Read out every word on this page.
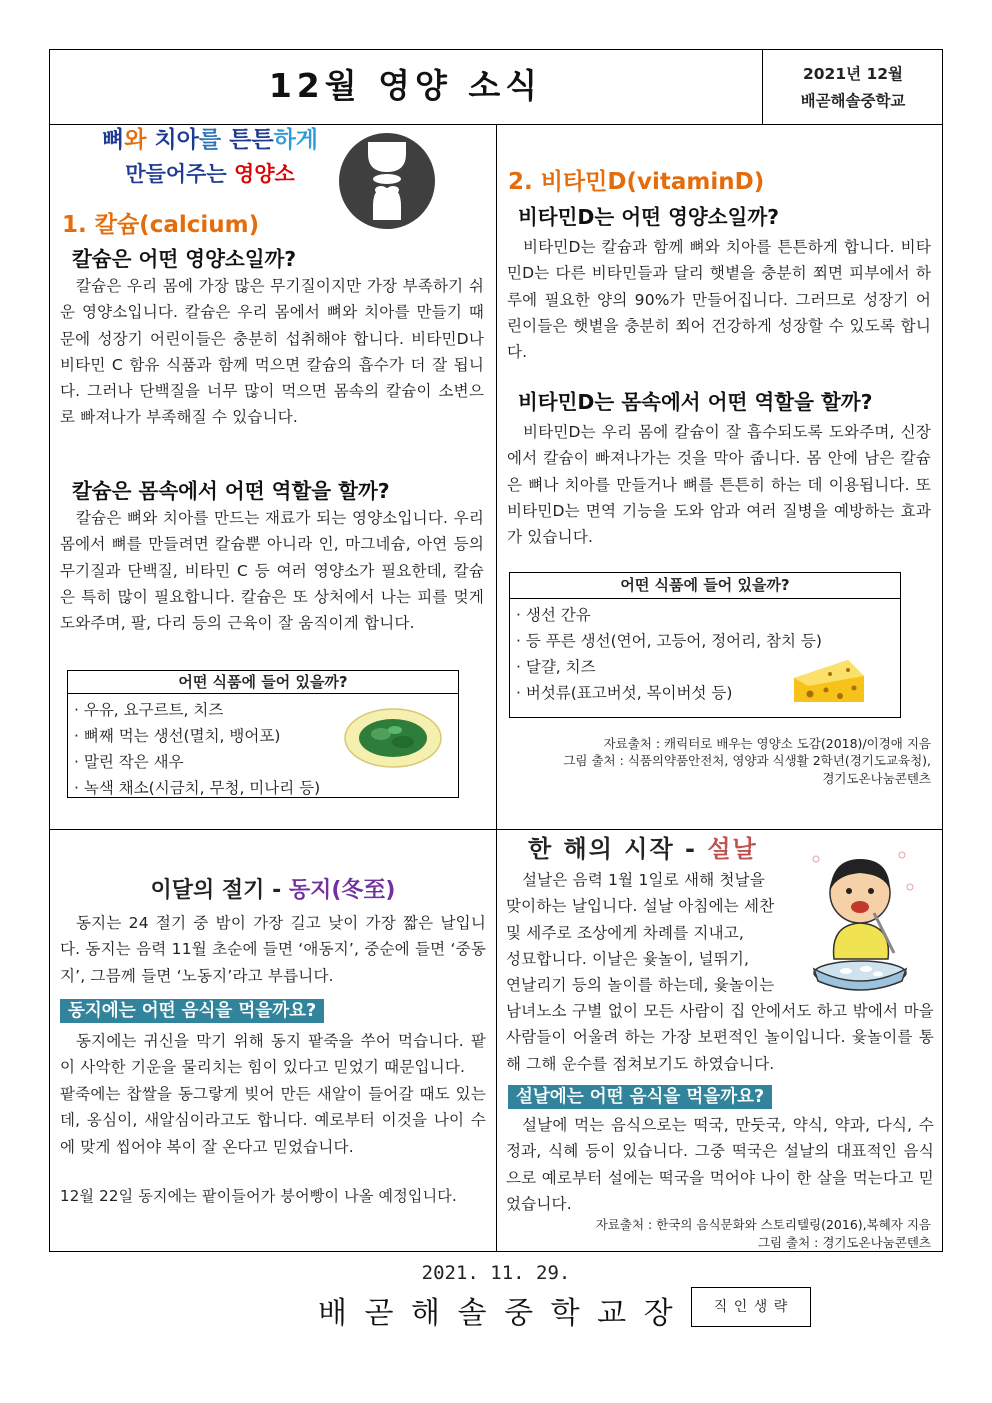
12월 영양 소식	2021년 12월
배곧해솔중학교
뼈와 치아를 튼튼하게
만들어주는 영양소
1. 칼슘(calcium)
칼슘은 어떤 영양소일까?

칼슘은 우리 몸에 가장 많은 무기질이지만 가장 부족하기 쉬운 영양소입니다. 칼슘은 우리 몸에서 뼈와 치아를 만들기 때문에 성장기 어린이들은 충분히 섭취해야 합니다. 비타민D나 비타민 C 함유 식품과 함께 먹으면 칼슘의 흡수가 더 잘 됩니다. 그러나 단백질을 너무 많이 먹으면 몸속의 칼슘이 소변으로 빠져나가 부족해질 수 있습니다.

칼슘은 몸속에서 어떤 역할을 할까?

칼슘은 뼈와 치아를 만드는 재료가 되는 영양소입니다. 우리 몸에서 뼈를 만들려면 칼슘뿐 아니라 인, 마그네슘, 아연 등의 무기질과 단백질, 비타민 C 등 여러 영양소가 필요한데, 칼슘은 특히 많이 필요합니다. 칼슘은 또 상처에서 나는 피를 멎게 도와주며, 팔, 다리 등의 근육이 잘 움직이게 합니다.

어떤 식품에 들어 있을까?
· 우유, 요구르트, 치즈
· 뼈째 먹는 생선(멸치, 뱅어포)
· 말린 작은 새우
· 녹색 채소(시금치, 무청, 미나리 등)
2. 비타민D(vitaminD)
비타민D는 어떤 영양소일까?

비타민D는 칼슘과 함께 뼈와 치아를 튼튼하게 합니다. 비타민D는 다른 비타민들과 달리 햇볕을 충분히 쬐면 피부에서 하루에 필요한 양의 90%가 만들어집니다. 그러므로 성장기 어린이들은 햇볕을 충분히 쬐어 건강하게 성장할 수 있도록 합니다.

비타민D는 몸속에서 어떤 역할을 할까?

비타민D는 우리 몸에 칼슘이 잘 흡수되도록 도와주며, 신장에서 칼슘이 빠져나가는 것을 막아 줍니다. 몸 안에 남은 칼슘은 뼈나 치아를 만들거나 뼈를 튼튼히 하는 데 이용됩니다. 또 비타민D는 면역 기능을 도와 암과 여러 질병을 예방하는 효과가 있습니다.

어떤 식품에 들어 있을까?
· 생선 간유
· 등 푸른 생선(연어, 고등어, 정어리, 참치 등)
· 달걀, 치즈
· 버섯류(표고버섯, 목이버섯 등)
자료출처 : 캐릭터로 배우는 영양소 도감(2018)/이경애 지음
그림 출처 : 식품의약품안전처, 영양과 식생활 2학년(경기도교육청),
경기도온나눔콘텐츠
이달의 절기 - 동지(冬至)

동지는 24 절기 중 밤이 가장 길고 낮이 가장 짧은 날입니다. 동지는 음력 11월 초순에 들면 ‘애동지’, 중순에 들면 ‘중동지’, 그믐께 들면 ‘노동지’라고 부릅니다.

동지에는 어떤 음식을 먹을까요?

동지에는 귀신을 막기 위해 동지 팥죽을 쑤어 먹습니다. 팥이 사악한 기운을 물리치는 힘이 있다고 믿었기 때문입니다.

팥죽에는 찹쌀을 동그랗게 빚어 만든 새알이 들어갈 때도 있는데, 옹심이, 새알심이라고도 합니다. 예로부터 이것을 나이 수에 맞게 씹어야 복이 잘 온다고 믿었습니다.

12월 22일 동지에는 팥이들어가 붕어빵이 나올 예정입니다.

한 해의 시작 - 설날
설날은 음력 1월 1일로 새해 첫날을
맞이하는 날입니다. 설날 아침에는 세찬
및 세주로 조상에게 차례를 지내고,
성묘합니다. 이날은 윷놀이, 널뛰기,
연날리기 등의 놀이를 하는데, 윷놀이는

남녀노소 구별 없이 모든 사람이 집 안에서도 하고 밖에서 마을 사람들이 어울려 하는 가장 보편적인 놀이입니다. 윷놀이를 통해 그해 운수를 점쳐보기도 하였습니다.

설날에는 어떤 음식을 먹을까요?

설날에 먹는 음식으로는 떡국, 만둣국, 약식, 약과, 다식, 수정과, 식혜 등이 있습니다. 그중 떡국은 설날의 대표적인 음식으로 예로부터 설에는 떡국을 먹어야 나이 한 살을 먹는다고 믿었습니다.

자료출처 : 한국의 음식문화와 스토리텔링(2016),복혜자 지음
그림 출처 : 경기도온나눔콘텐츠
2021. 11. 29.
배 곧 해 솔 중 학 교 장	직 인 생 략
